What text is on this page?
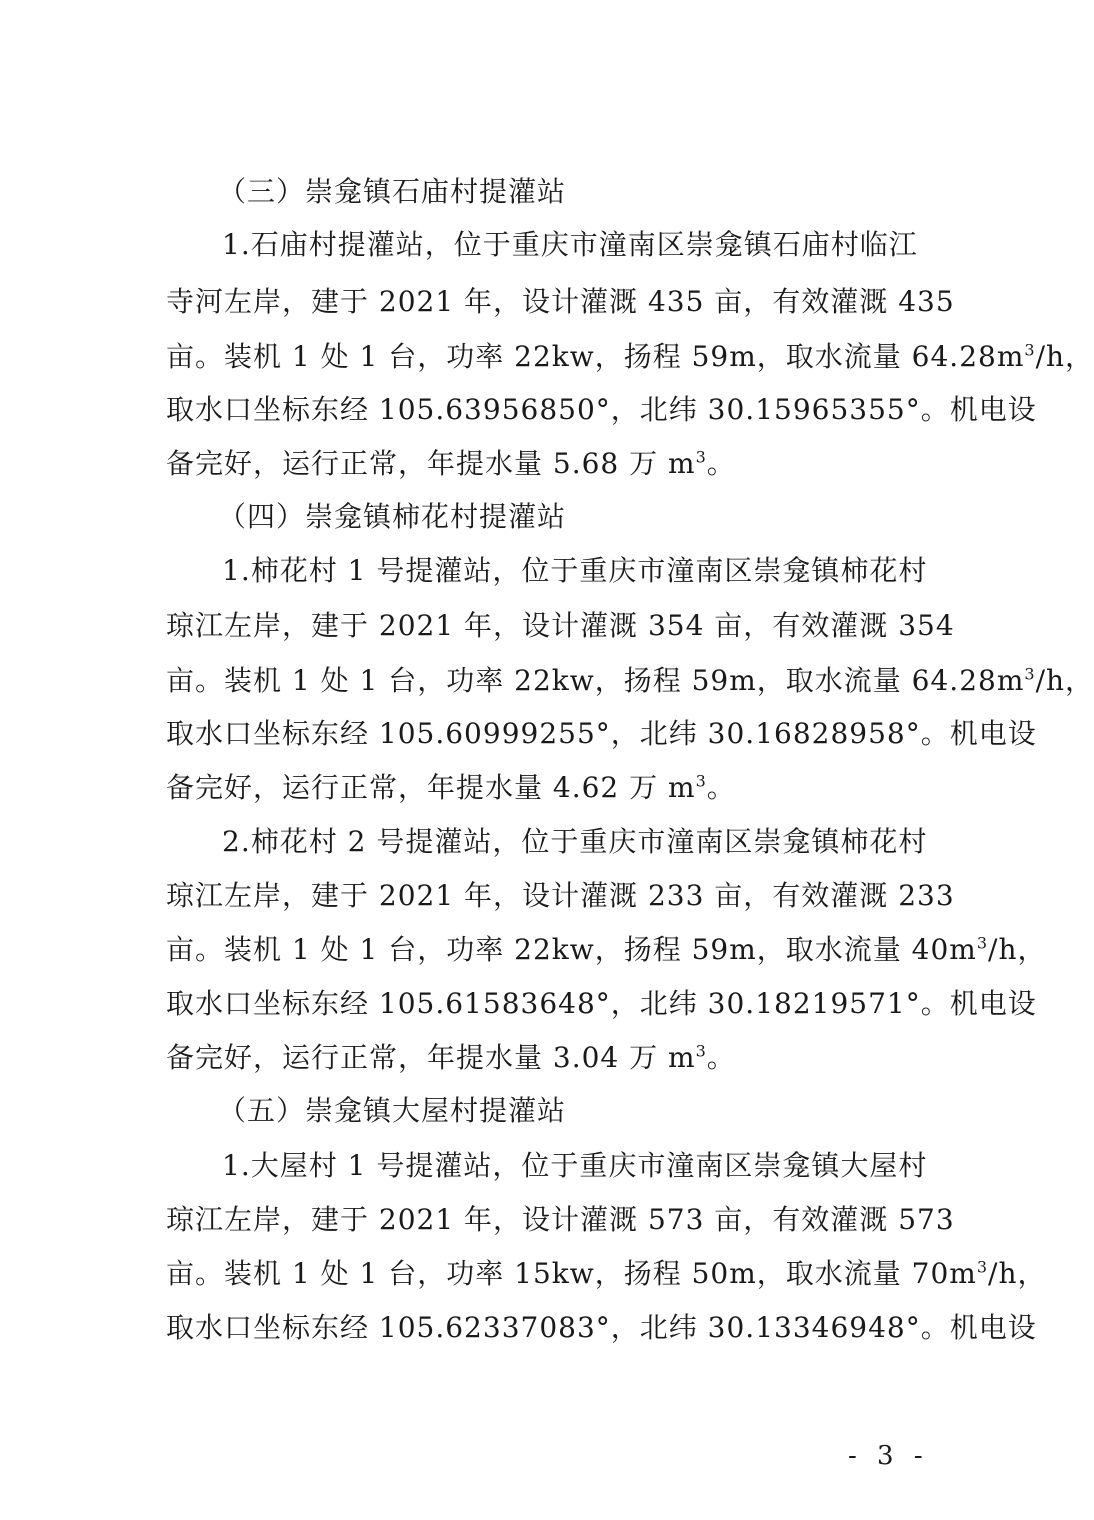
（三）崇龛镇石庙村提灌站
1.石庙村提灌站，位于重庆市潼南区崇龛镇石庙村临江
寺河左岸，建于 2021 年，设计灌溉 435 亩，有效灌溉 435
亩。装机 1 处 1 台，功率 22kw，扬程 59m，取水流量 $64.28m^3/h$，
取水口坐标东经 105.63956850°，北纬 30.15965355°。机电设
备完好，运行正常，年提水量 5.68 万 $m^3$。
（四）崇龛镇柿花村提灌站
1.柿花村 1 号提灌站，位于重庆市潼南区崇龛镇柿花村
琼江左岸，建于 2021 年，设计灌溉 354 亩，有效灌溉 354
亩。装机 1 处 1 台，功率 22kw，扬程 59m，取水流量 $64.28m^3/h$，
取水口坐标东经 105.60999255°，北纬 30.16828958°。机电设
备完好，运行正常，年提水量 4.62 万 $m^3$。
2.柿花村 2 号提灌站，位于重庆市潼南区崇龛镇柿花村
琼江左岸，建于 2021 年，设计灌溉 233 亩，有效灌溉 233
亩。装机 1 处 1 台，功率 22kw，扬程 59m，取水流量 $40m^3/h$，
取水口坐标东经 105.61583648°，北纬 30.18219571°。机电设
备完好，运行正常，年提水量 3.04 万 $m^3$。
（五）崇龛镇大屋村提灌站
1.大屋村 1 号提灌站，位于重庆市潼南区崇龛镇大屋村
琼江左岸，建于 2021 年，设计灌溉 573 亩，有效灌溉 573
亩。装机 1 处 1 台，功率 15kw，扬程 50m，取水流量 $70m^3/h$，
取水口坐标东经 105.62337083°，北纬 30.13346948°。机电设
- 3 -
